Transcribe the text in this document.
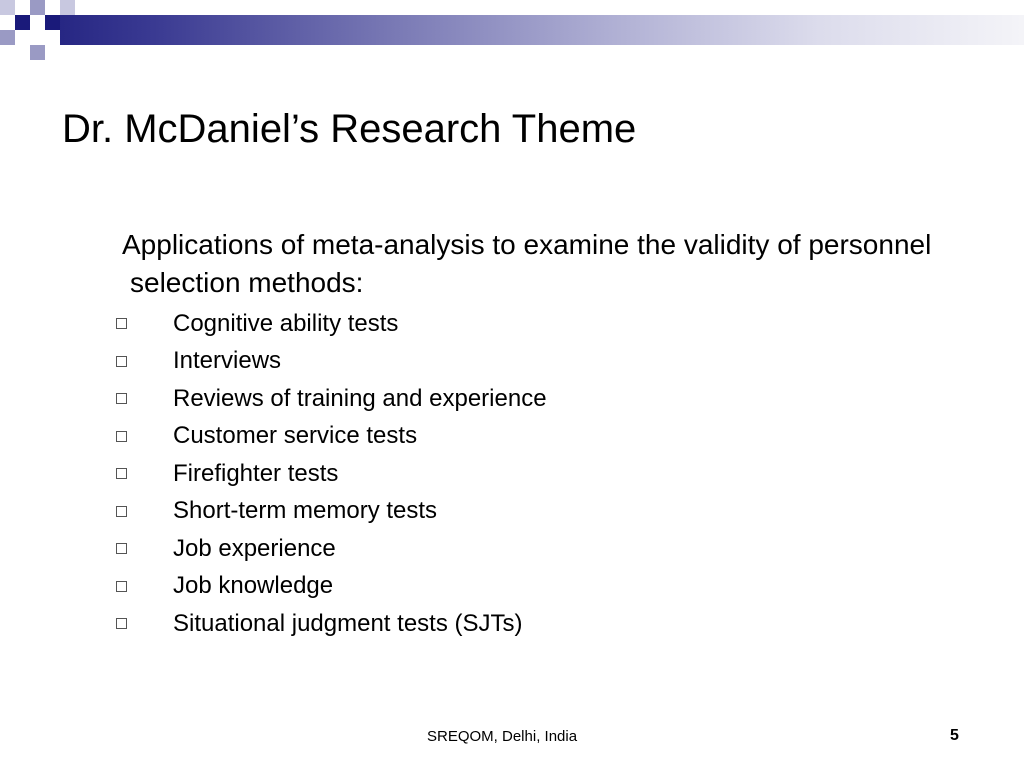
Dr. McDaniel’s Research Theme
Applications of meta-analysis to examine the validity of personnel selection methods:
Cognitive ability tests
Interviews
Reviews of training and experience
Customer service tests
Firefighter tests
Short-term memory tests
Job experience
Job knowledge
Situational judgment tests (SJTs)
SREQOM, Delhi, India	5
